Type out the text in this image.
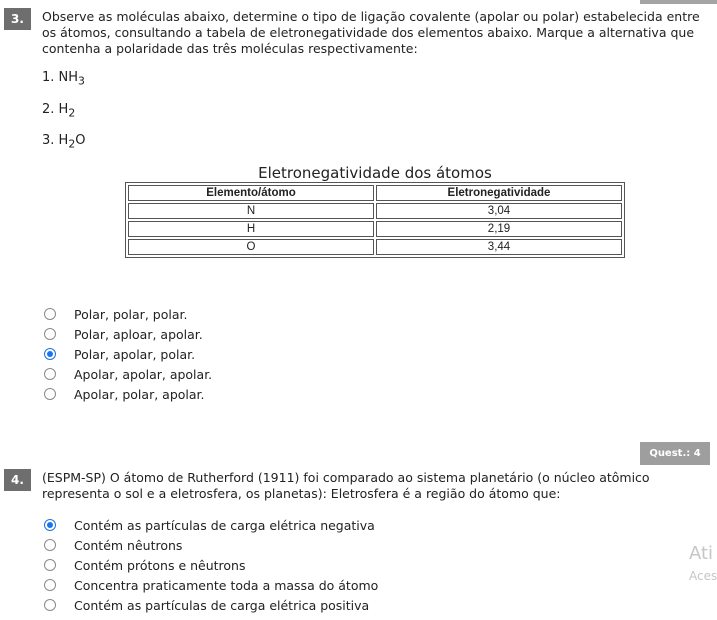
3.	Observe as moléculas abaixo, determine o tipo de ligação covalente (apolar ou polar) estabelecida entre os átomos, consultando a tabela de eletronegatividade dos elementos abaixo. Marque a alternativa que contenha a polaridade das três moléculas respectivamente:
1. $NH_3$
2. $H_2$
3. $H_2O$
Eletronegatividade dos átomos
Elemento/átomo	Eletronegatividade
N	3,04
H	2,19
O	3,44
Polar, polar, polar.
Polar, aploar, apolar.
Polar, apolar, polar.
Apolar, apolar, apolar.
Apolar, polar, apolar.
Quest.: 4
4.	(ESPM-SP) O átomo de Rutherford (1911) foi comparado ao sistema planetário (o núcleo atômico representa o sol e a eletrosfera, os planetas): Eletrosfera é a região do átomo que:
Contém as partículas de carga elétrica negativa
Contém nêutrons
Contém prótons e nêutrons
Concentra praticamente toda a massa do átomo
Contém as partículas de carga elétrica positiva
Ati
Aces
